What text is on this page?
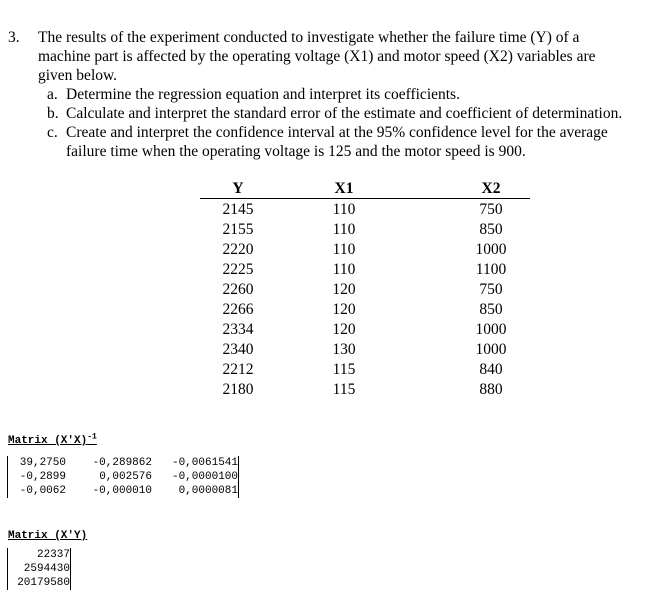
3. The results of the experiment conducted to investigate whether the failure time (Y) of a
machine part is affected by the operating voltage (X1) and motor speed (X2) variables are
given below.
a. Determine the regression equation and interpret its coefficients.
b. Calculate and interpret the standard error of the estimate and coefficient of determination.
c. Create and interpret the confidence interval at the 95% confidence level for the average
failure time when the operating voltage is 125 and the motor speed is 900.
Y		X1		X2
2145		110		750
2155		110		850
2220		110		1000
2225		110		1100
2260		120		750
2266		120		850
2334		120		1000
2340		130		1000
2212		115		840
2180		115		880
Matrix $(X'X)^{-1}$
39,2750	-0,289862	-0,0061541
-0,2899	0,002576	-0,0000100
-0,0062	-0,000010	0,0000081
Matrix (X'Y)
22337
2594430
20179580
